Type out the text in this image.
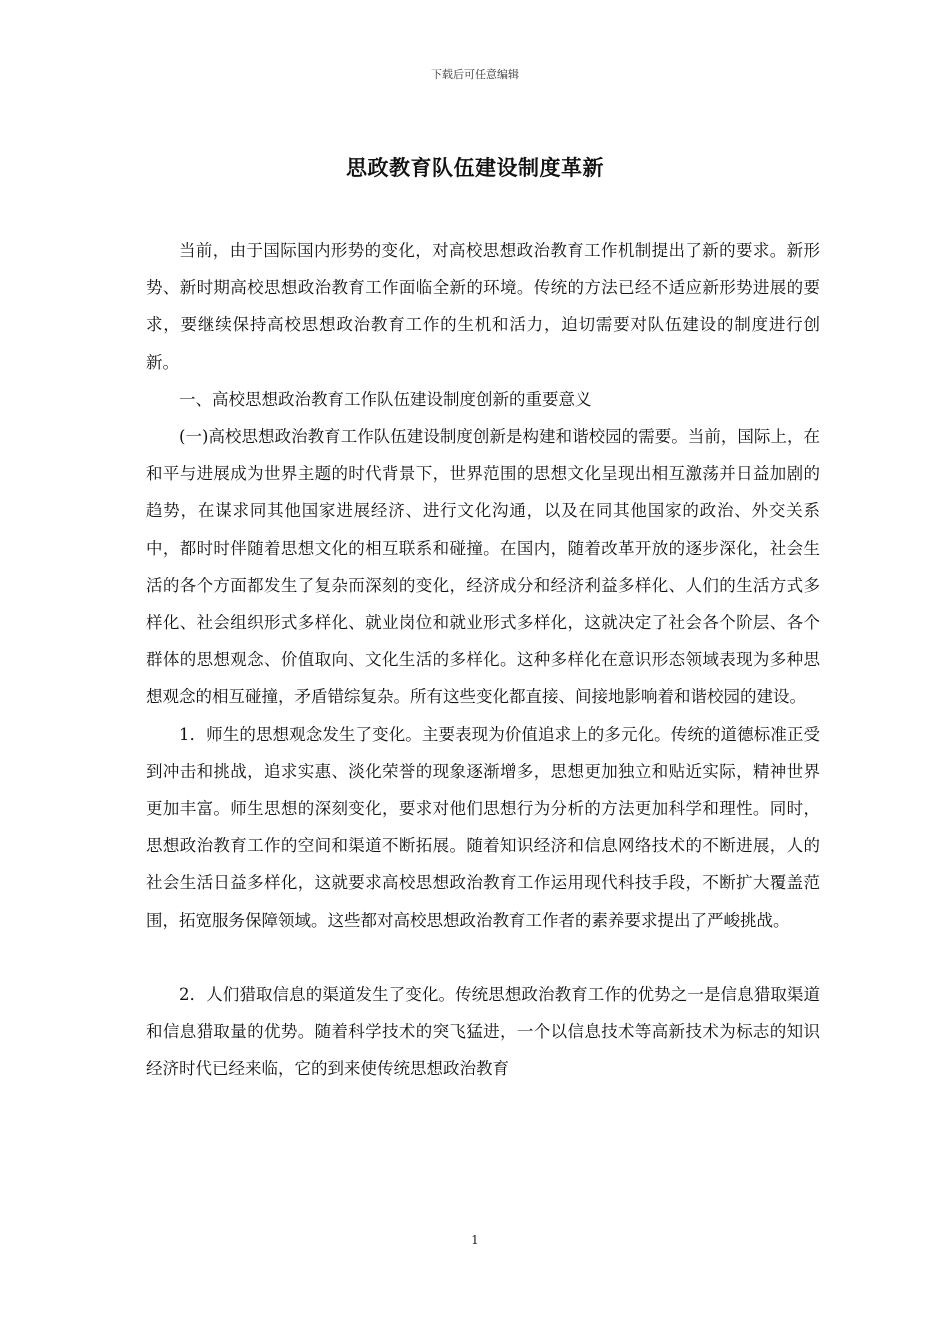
下载后可任意编辑
思政教育队伍建设制度革新

当前，由于国际国内形势的变化，对高校思想政治教育工作机制提出了新的要求。新形势、新时期高校思想政治教育工作面临全新的环境。传统的方法已经不适应新形势进展的要求，要继续保持高校思想政治教育工作的生机和活力，迫切需要对队伍建设的制度进行创新。

一、高校思想政治教育工作队伍建设制度创新的重要意义

(一)高校思想政治教育工作队伍建设制度创新是构建和谐校园的需要。当前，国际上，在和平与进展成为世界主题的时代背景下，世界范围的思想文化呈现出相互激荡并日益加剧的趋势，在谋求同其他国家进展经济、进行文化沟通，以及在同其他国家的政治、外交关系中，都时时伴随着思想文化的相互联系和碰撞。在国内，随着改革开放的逐步深化，社会生活的各个方面都发生了复杂而深刻的变化，经济成分和经济利益多样化、人们的生活方式多样化、社会组织形式多样化、就业岗位和就业形式多样化，这就决定了社会各个阶层、各个群体的思想观念、价值取向、文化生活的多样化。这种多样化在意识形态领域表现为多种思想观念的相互碰撞，矛盾错综复杂。所有这些变化都直接、间接地影响着和谐校园的建设。

1．师生的思想观念发生了变化。主要表现为价值追求上的多元化。传统的道德标准正受到冲击和挑战，追求实惠、淡化荣誉的现象逐渐增多，思想更加独立和贴近实际，精神世界更加丰富。师生思想的深刻变化，要求对他们思想行为分析的方法更加科学和理性。同时，思想政治教育工作的空间和渠道不断拓展。随着知识经济和信息网络技术的不断进展，人的社会生活日益多样化，这就要求高校思想政治教育工作运用现代科技手段，不断扩大覆盖范围，拓宽服务保障领域。这些都对高校思想政治教育工作者的素养要求提出了严峻挑战。

2．人们猎取信息的渠道发生了变化。传统思想政治教育工作的优势之一是信息猎取渠道和信息猎取量的优势。随着科学技术的突飞猛进，一个以信息技术等高新技术为标志的知识经济时代已经来临，它的到来使传统思想政治教育

1
